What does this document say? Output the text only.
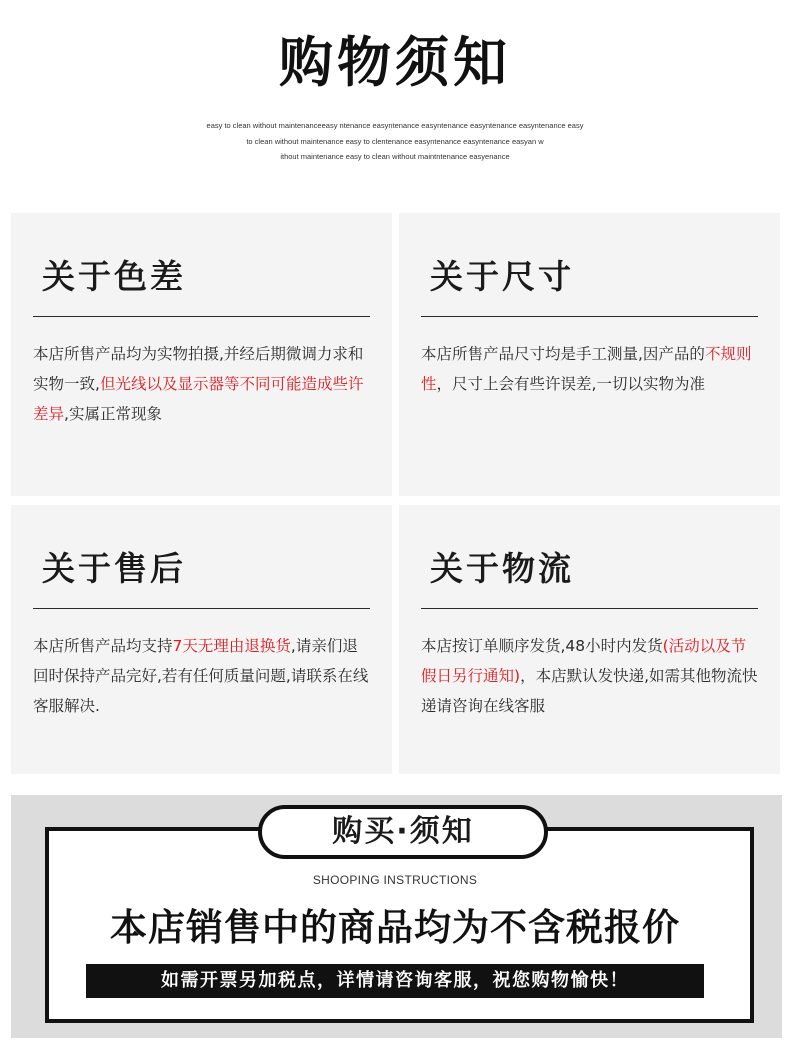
购物须知
easy to clean without maintenanceeasy ntenance easyntenance easyntenance easyntenance easyntenance easy
to clean without maintenance easy to clentenance easyntenance easyntenance easyan w
ithout maintenance easy to clean without maintntenance easyenance
关于色差
本店所售产品均为实物拍摄,并经后期微调力求和实物一致,但光线以及显示器等不同可能造成些许差异,实属正常现象
关于尺寸
本店所售产品尺寸均是手工测量,因产品的不规则性，尺寸上会有些许误差,一切以实物为准
关于售后
本店所售产品均支持7天无理由退换货,请亲们退回时保持产品完好,若有任何质量问题,请联系在线客服解决.
关于物流
本店按订单顺序发货,48小时内发货(活动以及节假日另行通知)，本店默认发快递,如需其他物流快递请咨询在线客服
购买·须知
SHOOPING INSTRUCTIONS
本店销售中的商品均为不含税报价
如需开票另加税点，详情请咨询客服，祝您购物愉快！
